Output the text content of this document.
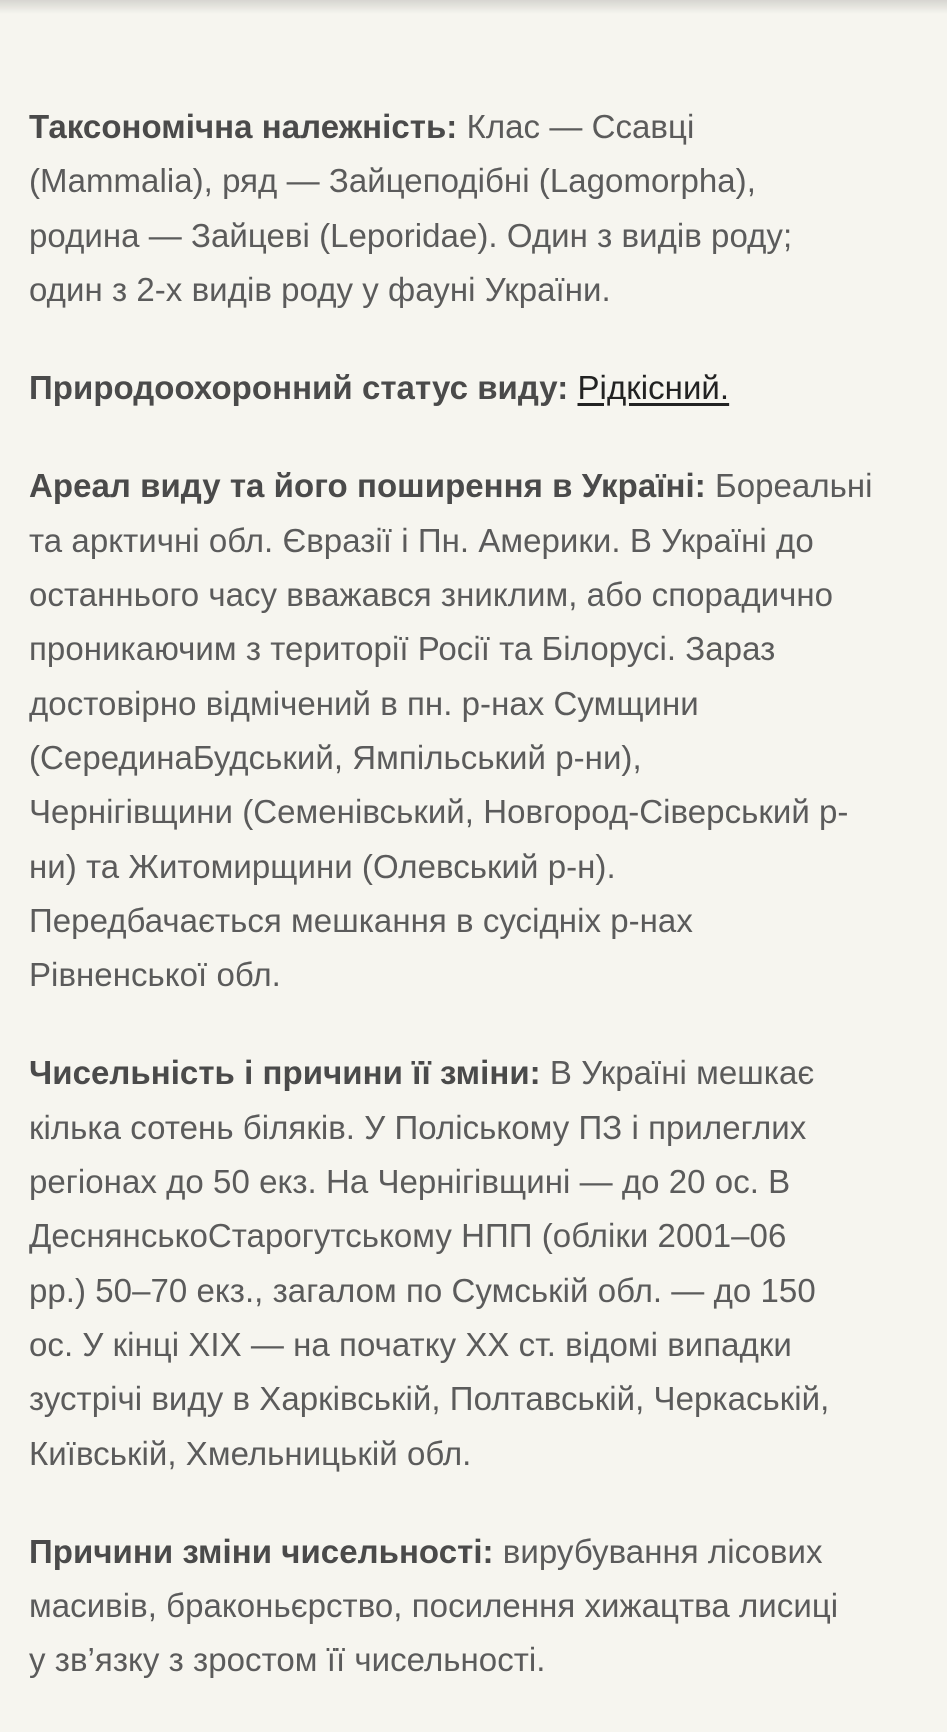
Таксономічна належність: Клас — Ссавці
(Mammalia), ряд — Зайцеподібні (Lagomorpha),
родина — Зайцеві (Leporidae). Один з видів роду;
один з 2-х видів роду у фауні України.

Природоохоронний статус виду: Рідкісний.

Ареал виду та його поширення в Україні: Бореальні
та арктичні обл. Євразії і Пн. Америки. В Україні до
останнього часу вважався зниклим, або спорадично
проникаючим з території Росії та Білорусі. Зараз
достовірно відмічений в пн. р-нах Сумщини
(СерединаБудський, Ямпільський р-ни),
Чернігівщини (Семенівський, Новгород-Сіверський р-
ни) та Житомирщини (Олевський р-н).
Передбачається мешкання в сусідніх р-нах
Рівненської обл.

Чисельність і причини її зміни: В Україні мешкає
кілька сотень біляків. У Поліському ПЗ і прилеглих
регіонах до 50 екз. На Чернігівщині — до 20 ос. В
ДеснянськоСтарогутському НПП (обліки 2001–06
рр.) 50–70 екз., загалом по Сумській обл. — до 150
ос. У кінці XIX — на початку XX ст. відомі випадки
зустрічі виду в Харківській, Полтавській, Черкаській,
Київській, Хмельницькій обл.

Причини зміни чисельності: вирубування лісових
масивів, браконьєрство, посилення хижацтва лисиці
у зв’язку з зростом її чисельності.
